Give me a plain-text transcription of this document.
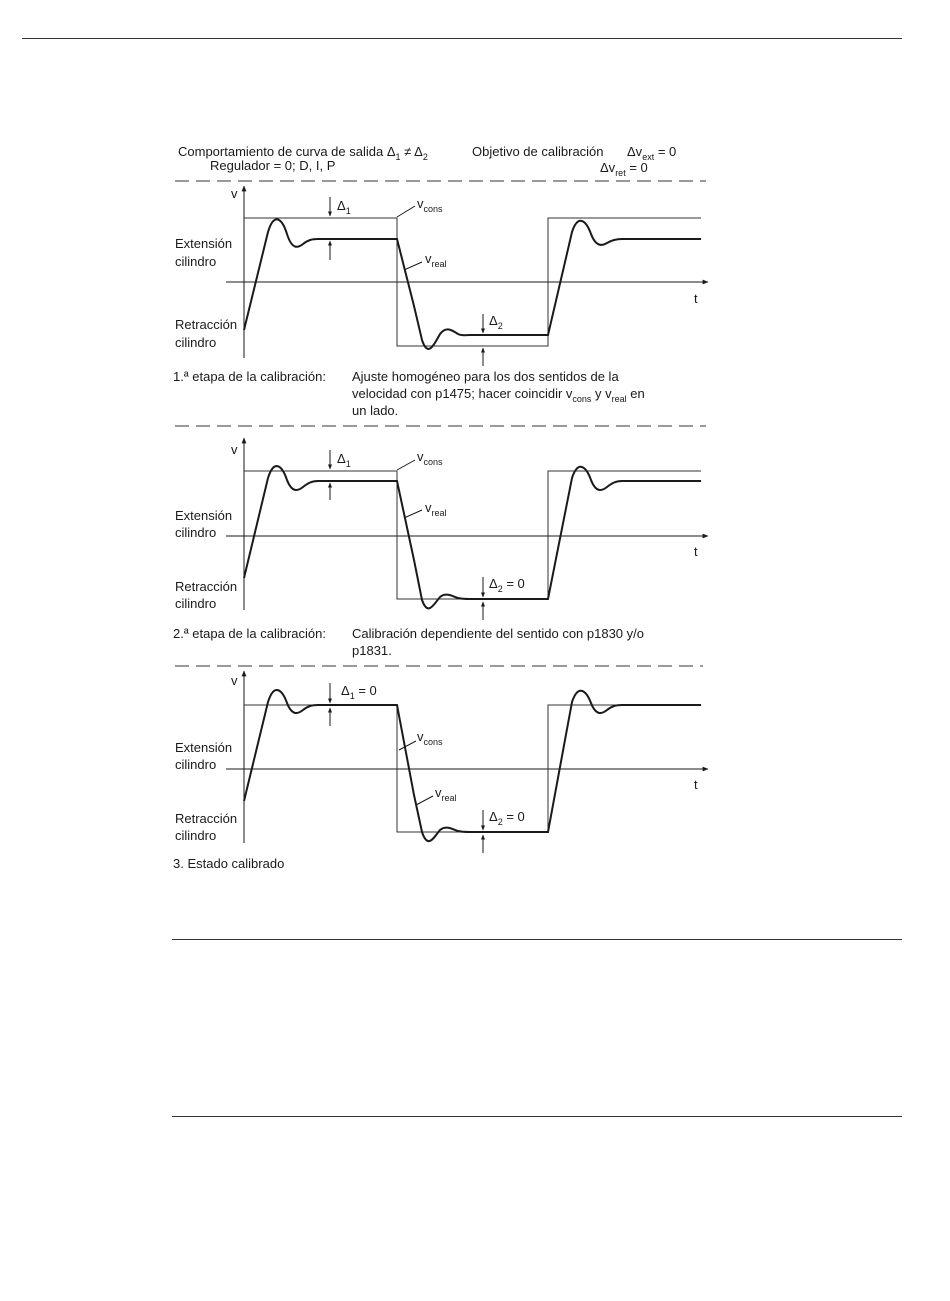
Comportamiento de curva de salida $\Delta_1 \ne \Delta_2$
Regulador = 0; D, I, P
Objetivo de calibración $\Delta v_{ext} = 0$
$\Delta v_{ret} = 0$
v
t
Extensión
cilindro
Retracción
cilindro
$\Delta_1$	$v_{cons}$
$v_{real}$
$\Delta_2$
1.ª etapa de la calibración: Ajuste homogéneo para los dos sentidos de la
velocidad con p1475; hacer coincidir $v_{cons}$ y $v_{real}$ en
un lado.
v
t
Extensión
cilindro
Retracción
cilindro
$\Delta_1$	$v_{cons}$
$v_{real}$
$\Delta_2 = 0$
2.ª etapa de la calibración: Calibración dependiente del sentido con p1830 y/o
p1831.
v
t
Extensión
cilindro
Retracción
cilindro
$\Delta_1 = 0$
$v_{cons}$
$v_{real}$
$\Delta_2 = 0$
3. Estado calibrado
